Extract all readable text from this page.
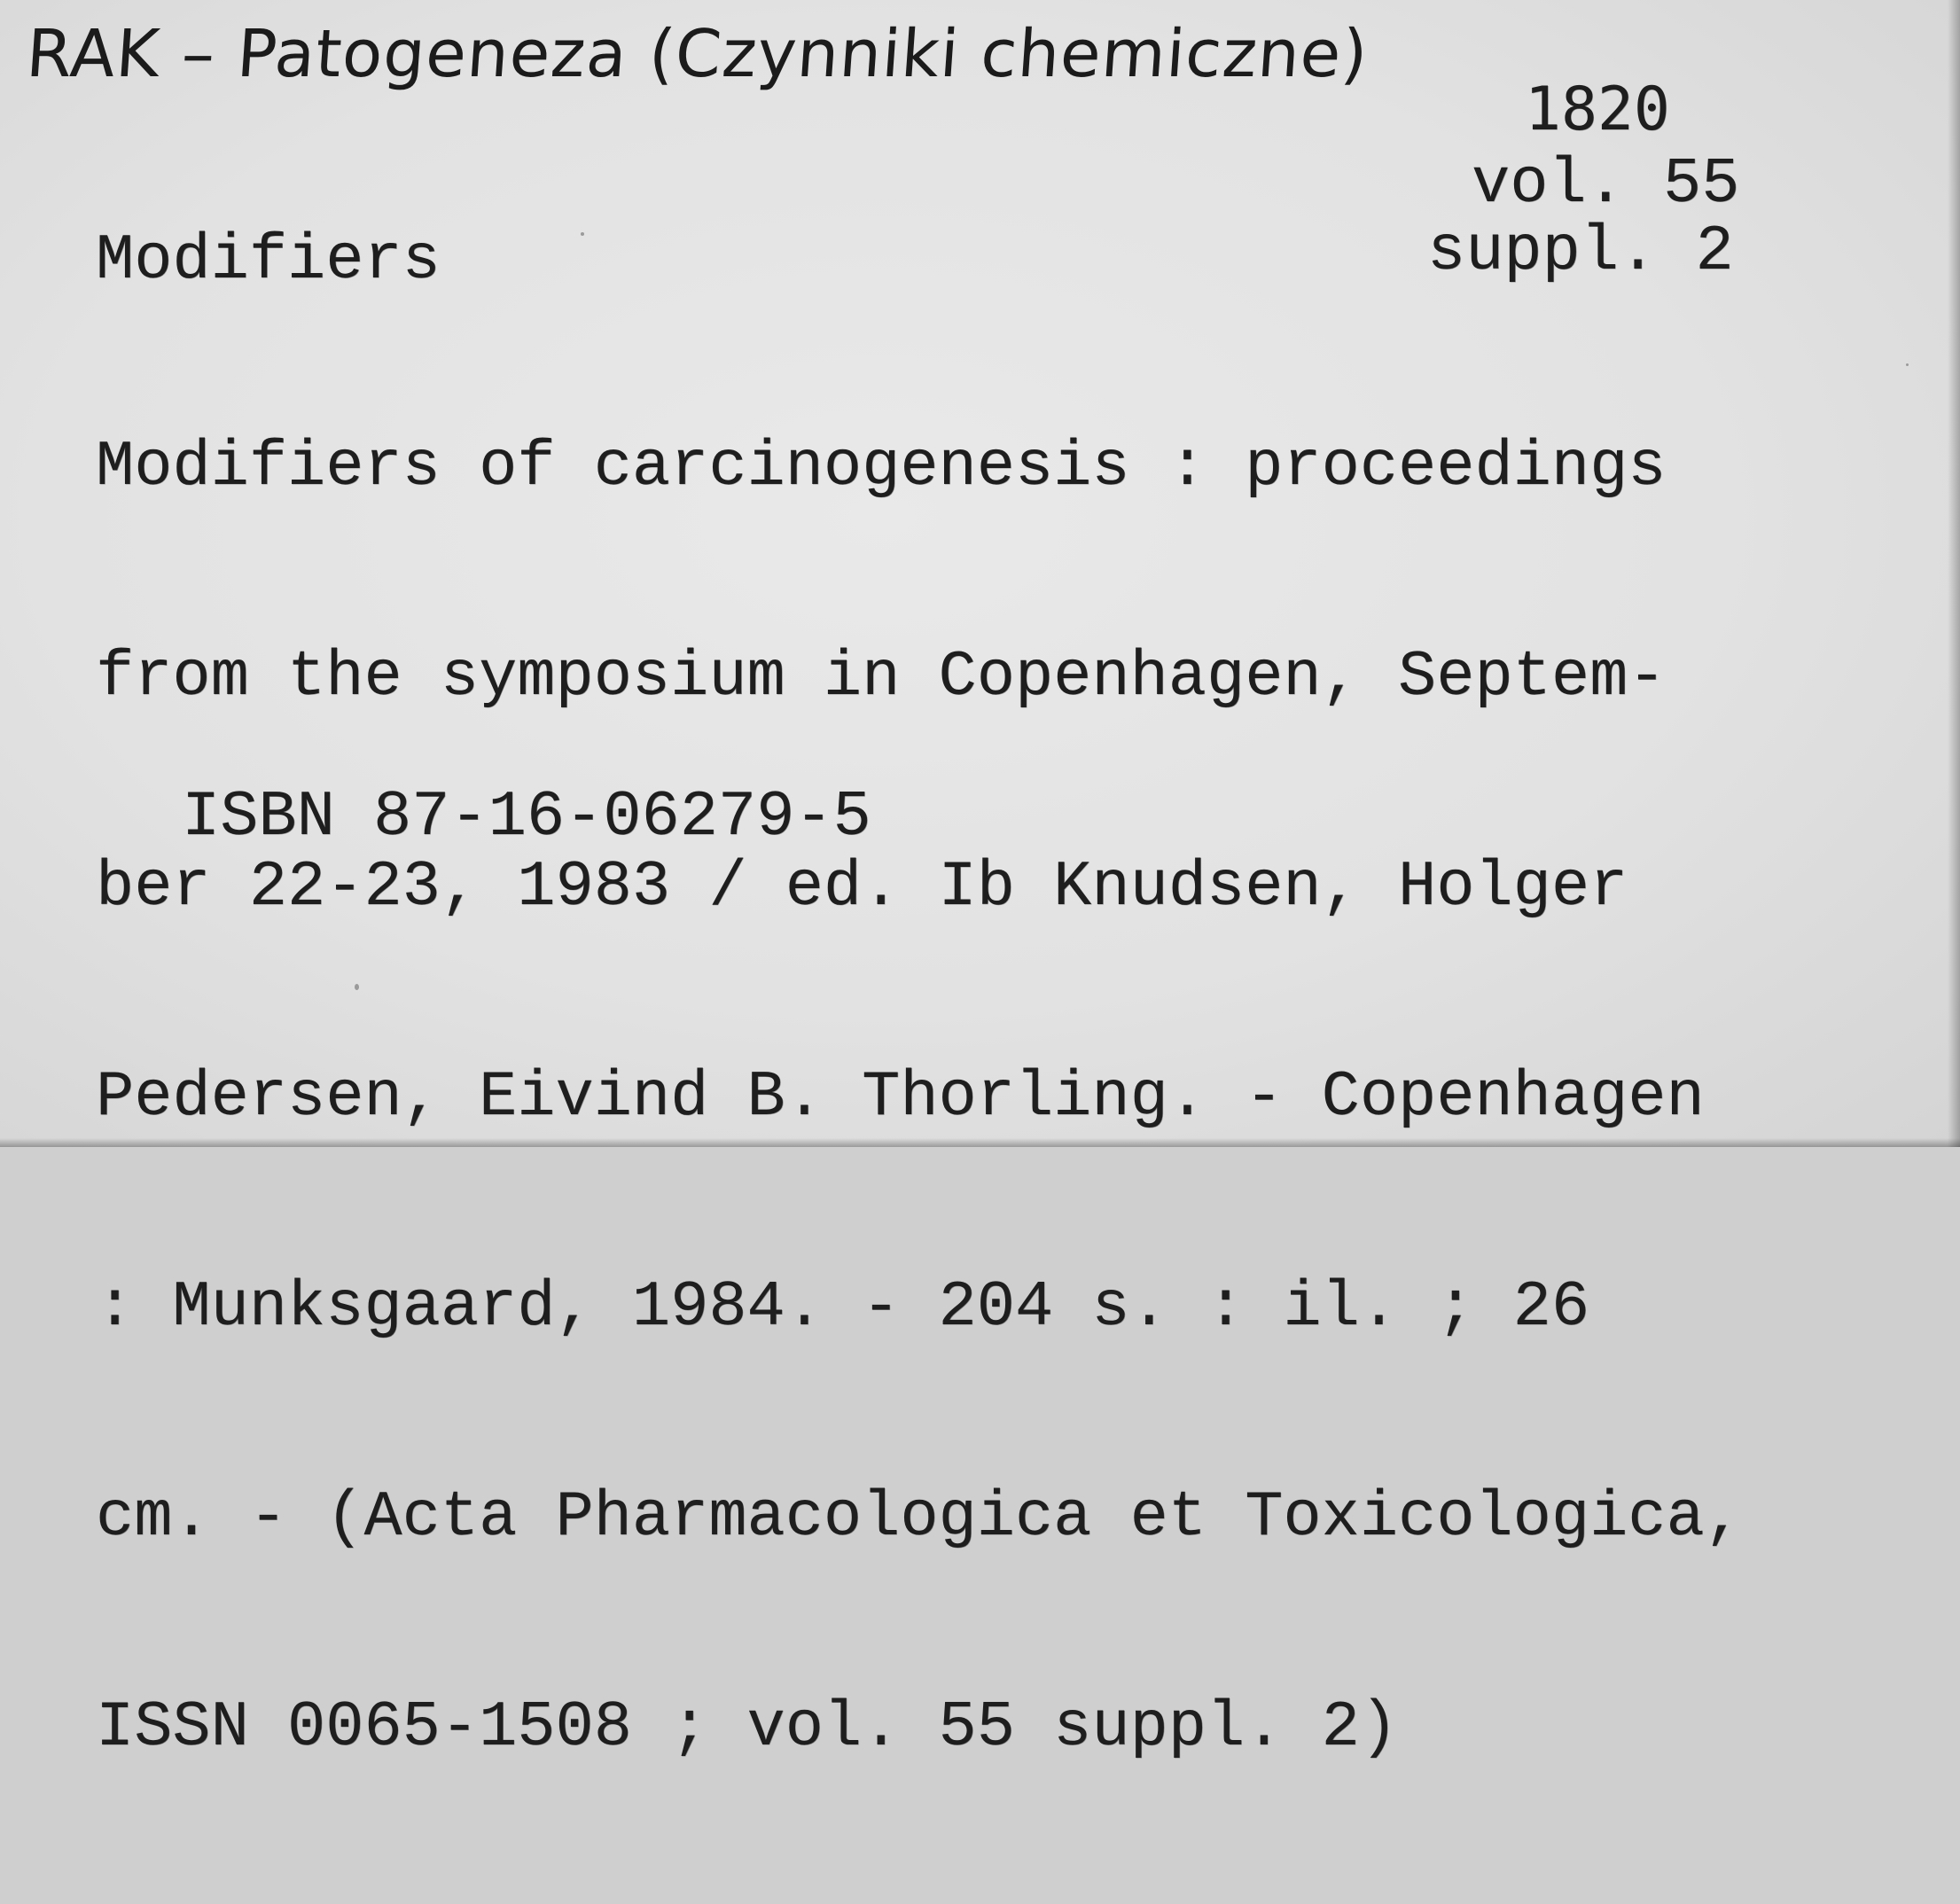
RAK – Patogeneza (Czynniki chemiczne)
1820
vol. 55
suppl. 2
Modifiers

Modifiers of carcinogenesis : proceedings

from the symposium in Copenhagen, Septem-

ber 22-23, 1983 / ed. Ib Knudsen, Holger

Pedersen, Eivind B. Thorling. - Copenhagen

: Munksgaard, 1984. - 204 s. : il. ; 26

cm. - (Acta Pharmacologica et Toxicologica,

ISSN 0065-1508 ; vol. 55 suppl. 2)

ISBN 87-16-06279-5
